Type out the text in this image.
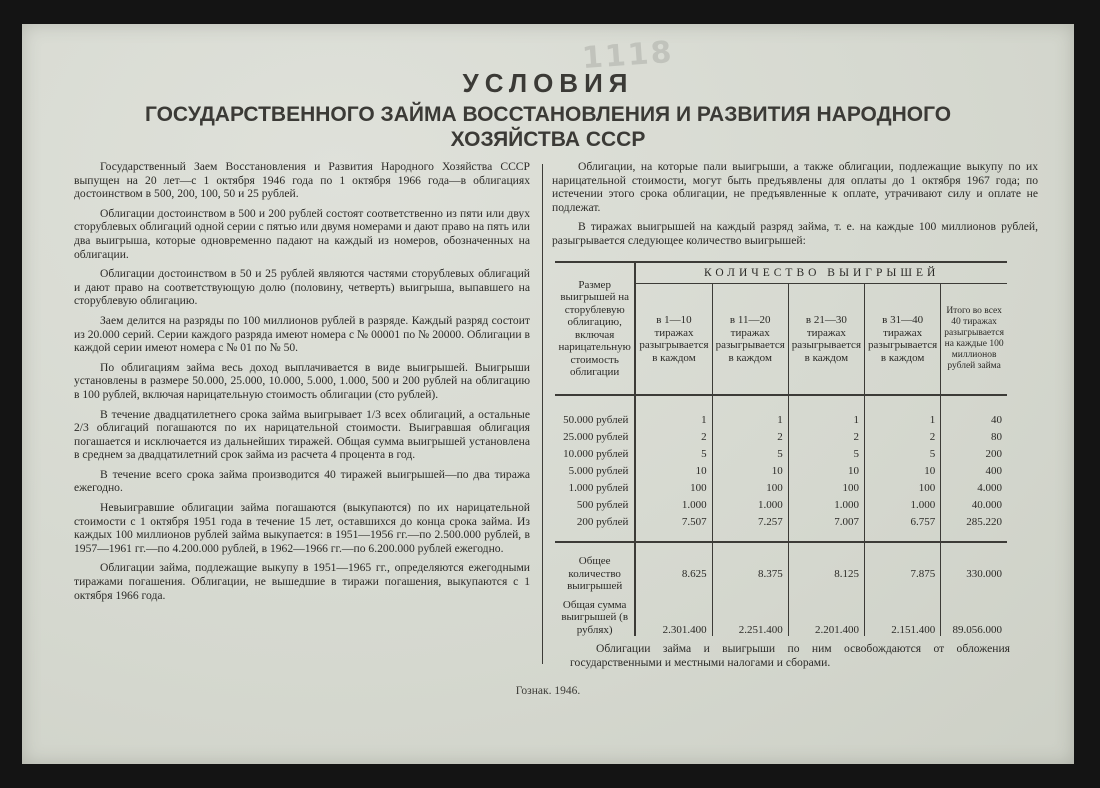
1118
УСЛОВИЯ
ГОСУДАРСТВЕННОГО ЗАЙМА ВОССТАНОВЛЕНИЯ И РАЗВИТИЯ НАРОДНОГО
ХОЗЯЙСТВА СССР

Государственный Заем Восстановления и Развития Народного Хозяйства СССР выпущен на 20 лет—с 1 октября 1946 года по 1 октября 1966 года—в облигациях достоинством в 500, 200, 100, 50 и 25 рублей.

Облигации достоинством в 500 и 200 рублей состоят соответственно из пяти или двух сторублевых облигаций одной серии с пятью или двумя номерами и дают право на пять или два выигрыша, которые одновременно падают на каждый из номеров, обозначенных на облигации.

Облигации достоинством в 50 и 25 рублей являются частями сторублевых облигаций и дают право на соответствующую долю (половину, четверть) выигрыша, выпавшего на сторублевую облигацию.

Заем делится на разряды по 100 миллионов рублей в разряде. Каждый разряд состоит из 20.000 серий. Серии каждого разряда имеют номера с № 00001 по № 20000. Облигации в каждой серии имеют номера с № 01 по № 50.

По облигациям займа весь доход выплачивается в виде выигрышей. Выигрыши установлены в размере 50.000, 25.000, 10.000, 5.000, 1.000, 500 и 200 рублей на облигацию в 100 рублей, включая нарицательную стоимость облигации (сто рублей).

В течение двадцатилетнего срока займа выигрывает 1/3 всех облигаций, а остальные 2/3 облигаций погашаются по их нарицательной стоимости. Выигравшая облигация погашается и исключается из дальнейших тиражей. Общая сумма выигрышей установлена в среднем за двадцатилетний срок займа из расчета 4 процента в год.

В течение всего срока займа производится 40 тиражей выигрышей—по два тиража ежегодно.

Невыигравшие облигации займа погашаются (выкупаются) по их нарицательной стоимости с 1 октября 1951 года в течение 15 лет, оставшихся до конца срока займа. Из каждых 100 миллионов рублей займа выкупается: в 1951—1956 гг.—по 2.500.000 рублей, в 1957—1961 гг.—по 4.200.000 рублей, в 1962—1966 гг.—по 6.200.000 рублей ежегодно.

Облигации займа, подлежащие выкупу в 1951—1965 гг., определяются ежегодными тиражами погашения. Облигации, не вышедшие в тиражи погашения, выкупаются с 1 октября 1966 года.

Облигации, на которые пали выигрыши, а также облигации, подлежащие выкупу по их нарицательной стоимости, могут быть предъявлены для оплаты до 1 октября 1967 года; по истечении этого срока облигации, не предъявленные к оплате, утрачивают силу и оплате не подлежат.

В тиражах выигрышей на каждый разряд займа, т. е. на каждые 100 миллионов рублей, разыгрывается следующее количество выигрышей:

Размер выигрышей на сторублевую облигацию, включая нарицательную стоимость облигации	КОЛИЧЕСТВО ВЫИГРЫШЕЙ				
	в 1—10 тиражах разыгрывается в каждом	в 11—20 тиражах разыгрывается в каждом	в 21—30 тиражах разыгрывается в каждом	в 31—40 тиражах разыгрывается в каждом	Итого во всех 40 тиражах разыгрывается на каждые 100 миллионов рублей займа
50.000 рублей	1	1	1	1	40
25.000 рублей	2	2	2	2	80
10.000 рублей	5	5	5	5	200
5.000 рублей	10	10	10	10	400
1.000 рублей	100	100	100	100	4.000
500 рублей	1.000	1.000	1.000	1.000	40.000
200 рублей	7.507	7.257	7.007	6.757	285.220
Общее количество выигрышей	8.625	8.375	8.125	7.875	330.000
Общая сумма выигрышей (в рублях)	2.301.400	2.251.400	2.201.400	2.151.400	89.056.000
Облигации займа и выигрыши по ним освобождаются от обложения государственными и местными налогами и сборами.
Гознак. 1946.
